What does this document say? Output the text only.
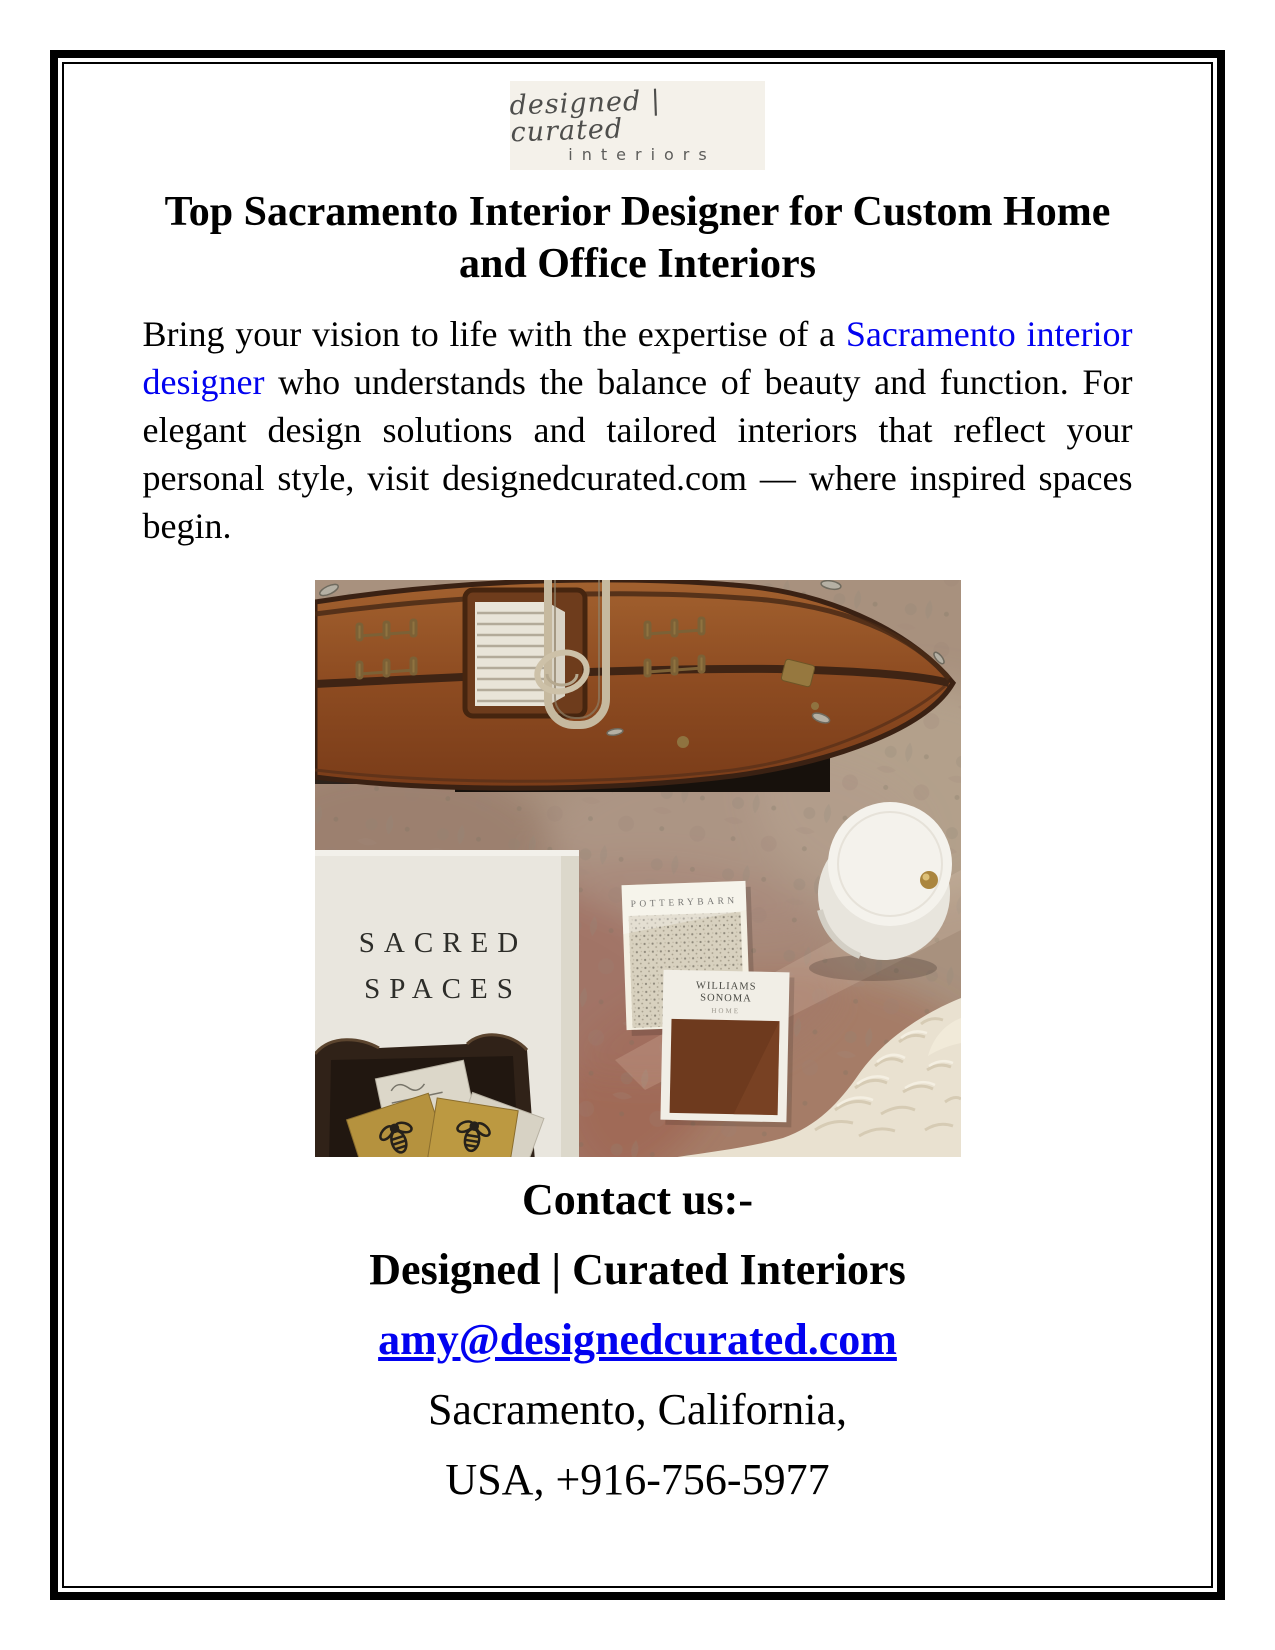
designed | curated
interiors
Top Sacramento Interior Designer for Custom Home
and Office Interiors

Bring your vision to life with the expertise of a Sacramento interior designer who understands the balance of beauty and function. For elegant design solutions and tailored interiors that reflect your personal style, visit designedcurated.com — where inspired spaces begin.

SACRED
SPACES
POTTERYBARN
WILLIAMS
SONOMA
HOME
Contact us:-
Designed | Curated Interiors
amy@designedcurated.com
Sacramento, California,
USA, +916-756-5977
